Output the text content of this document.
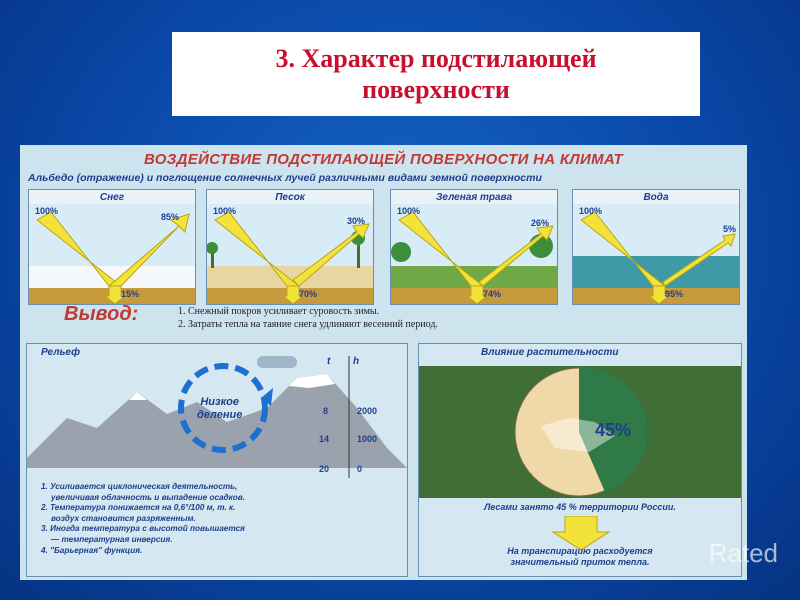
3. Характер подстилающей поверхности
ВОЗДЕЙСТВИЕ ПОДСТИЛАЮЩЕЙ ПОВЕРХНОСТИ НА КЛИМАТ
Альбедо (отражение) и поглощение солнечных лучей различными видами земной поверхности
Снег
100%
85%
15%
Песок
100%
30%
70%
Зеленая трава
100%
26%
74%
Вода
100%
5%
95%
Вывод:	1. Снежный покров усиливает суровость зимы.
2. Затраты тепла на таяние снега удлиняют весенний период.
Рельеф
Низкое
деление
t h
8	2000
14	1000
20	0
1. Усиливается циклоническая деятельность,
увеличивая облачность и выпадение осадков.
2. Температура понижается на 0,6°/100 м, т. к.
воздух становится разряженным.
3. Иногда температура с высотой повышается
— температурная инверсия.
4. "Барьерная" функция.
Влияние растительности
45%
Лесами занято 45 % территории России.
На транспирацию расходуется
значительный приток тепла.	Rated
